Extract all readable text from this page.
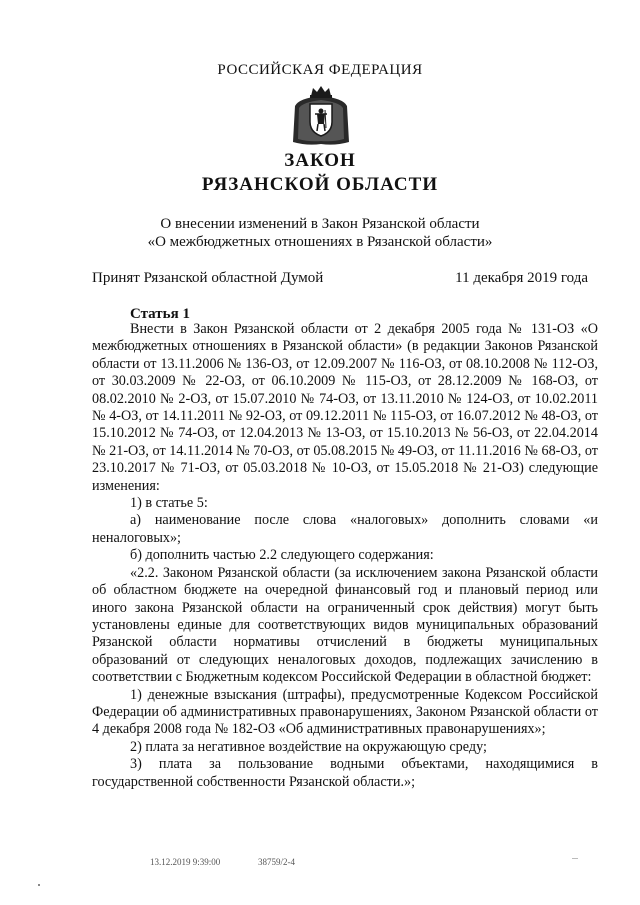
РОССИЙСКАЯ ФЕДЕРАЦИЯ
ЗАКОН
РЯЗАНСКОЙ ОБЛАСТИ
О внесении изменений в Закон Рязанской области
«О межбюджетных отношениях в Рязанской области»
Принят Рязанской областной Думой	11 декабря 2019 года
Статья 1

Внести в Закон Рязанской области от 2 декабря 2005 года № 131-ОЗ «О межбюджетных отношениях в Рязанской области» (в редакции Законов Рязанской области от 13.11.2006 № 136-ОЗ, от 12.09.2007 № 116-ОЗ, от 08.10.2008 № 112-ОЗ, от 30.03.2009 № 22-ОЗ, от 06.10.2009 № 115-ОЗ, от 28.12.2009 № 168-ОЗ, от 08.02.2010 № 2-ОЗ, от 15.07.2010 № 74-ОЗ, от 13.11.2010 № 124-ОЗ, от 10.02.2011 № 4-ОЗ, от 14.11.2011 № 92-ОЗ, от 09.12.2011 № 115-ОЗ, от 16.07.2012 № 48-ОЗ, от 15.10.2012 № 74-ОЗ, от 12.04.2013 № 13-ОЗ, от 15.10.2013 № 56-ОЗ, от 22.04.2014 № 21-ОЗ, от 14.11.2014 № 70-ОЗ, от 05.08.2015 № 49-ОЗ, от 11.11.2016 № 68-ОЗ, от 23.10.2017 № 71-ОЗ, от 05.03.2018 № 10-ОЗ, от 15.05.2018 № 21-ОЗ) следующие изменения:

1) в статье 5:

а) наименование после слова «налоговых» дополнить словами «и неналоговых»;

б) дополнить частью 2.2 следующего содержания:

«2.2. Законом Рязанской области (за исключением закона Рязанской области об областном бюджете на очередной финансовый год и плановый период или иного закона Рязанской области на ограниченный срок действия) могут быть установлены единые для соответствующих видов муниципальных образований Рязанской области нормативы отчислений в бюджеты муниципальных образований от следующих неналоговых доходов, подлежащих зачислению в соответствии с Бюджетным кодексом Российской Федерации в областной бюджет:

1) денежные взыскания (штрафы), предусмотренные Кодексом Российской Федерации об административных правонарушениях, Законом Рязанской области от 4 декабря 2008 года № 182-ОЗ «Об административных правонарушениях»;

2) плата за негативное воздействие на окружающую среду;

3) плата за пользование водными объектами, находящимися в государственной собственности Рязанской области.»;

13.12.2019 9:39:00	38759/2-4
